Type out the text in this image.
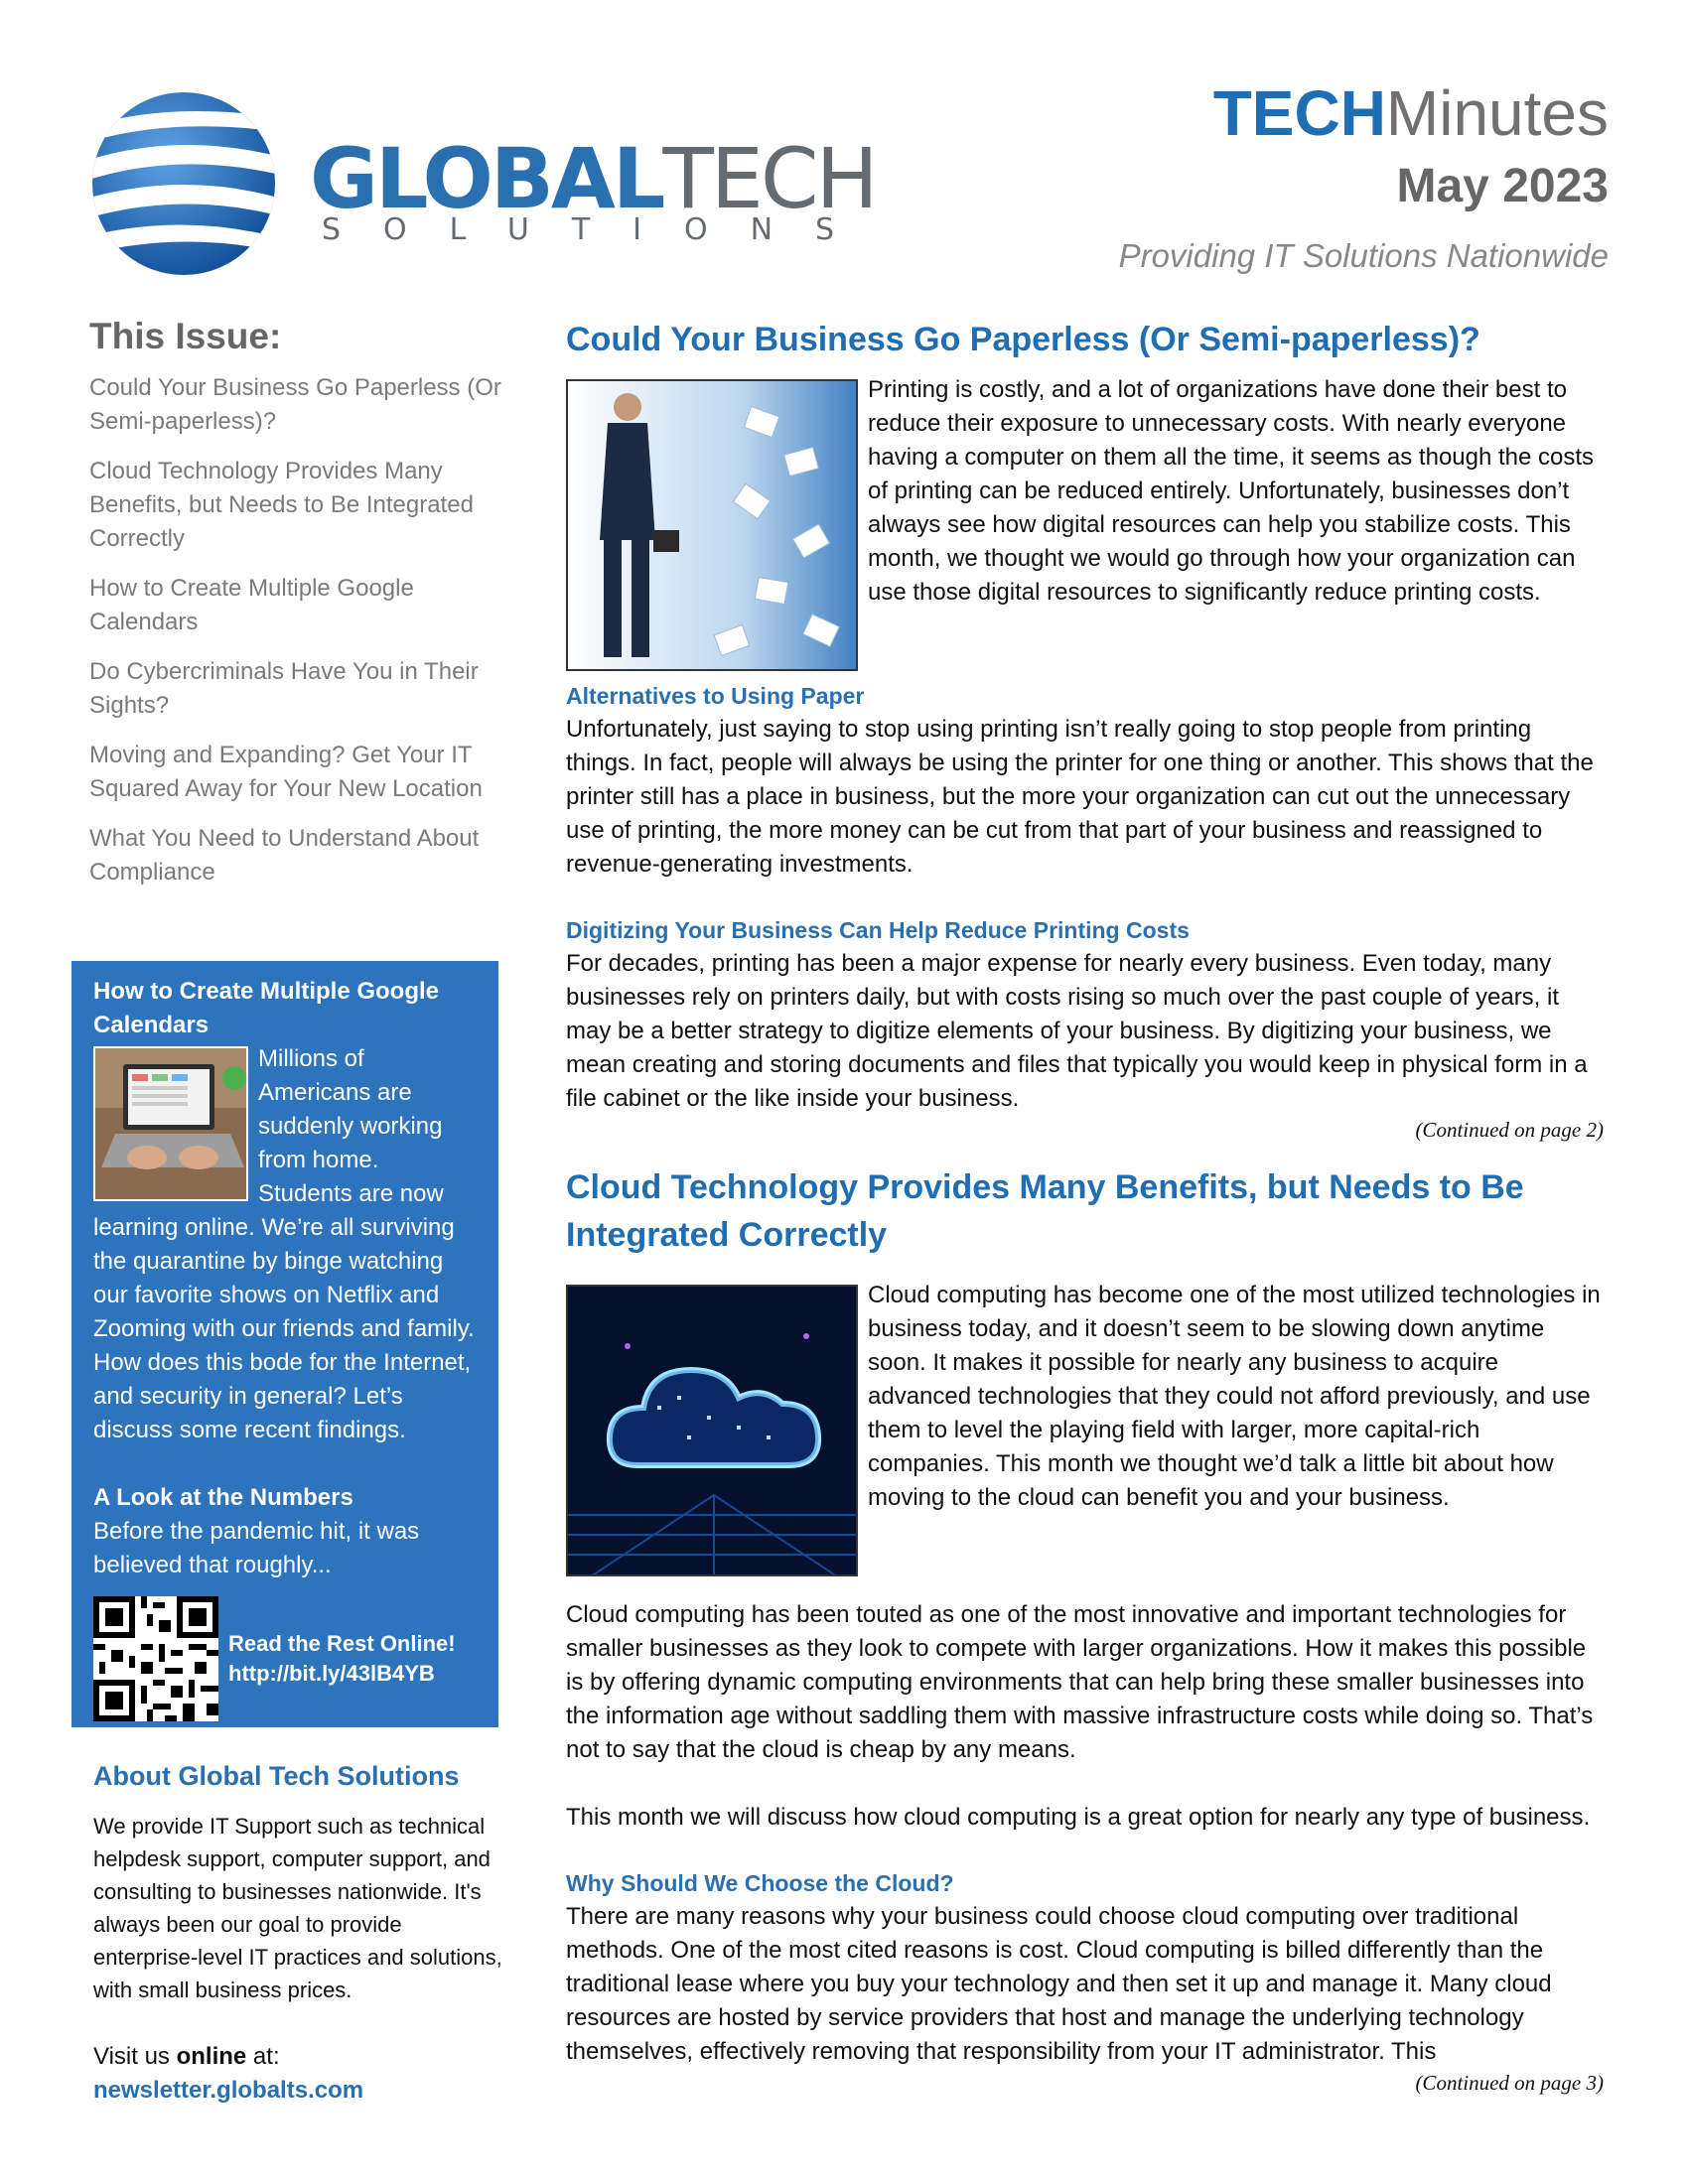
GLOBALTECH
SOLUTIONS
TECHMinutes
May 2023
Providing IT Solutions Nationwide
This Issue:
Could Your Business Go Paperless (Or Semi-paperless)?
Cloud Technology Provides Many Benefits, but Needs to Be Integrated Correctly
How to Create Multiple Google Calendars
Do Cybercriminals Have You in Their Sights?
Moving and Expanding? Get Your IT Squared Away for Your New Location
What You Need to Understand About Compliance
How to Create Multiple Google Calendars
Millions of Americans are suddenly working from home. Students are now learning online. We’re all surviving the quarantine by binge watching our favorite shows on Netflix and Zooming with our friends and family. How does this bode for the Internet, and security in general? Let’s discuss some recent findings.
A Look at the Numbers
Before the pandemic hit, it was believed that roughly...
Read the Rest Online!
http://bit.ly/43lB4YB
About Global Tech Solutions
We provide IT Support such as technical helpdesk support, computer support, and consulting to businesses nationwide. It's always been our goal to provide enterprise-level IT practices and solutions, with small business prices.
Visit us online at:
newsletter.globalts.com
Could Your Business Go Paperless (Or Semi-paperless)?

Printing is costly, and a lot of organizations have done their best to reduce their exposure to unnecessary costs. With nearly everyone having a computer on them all the time, it seems as though the costs of printing can be reduced entirely. Unfortunately, businesses don’t always see how digital resources can help you stabilize costs. This month, we thought we would go through how your organization can use those digital resources to significantly reduce printing costs.

Alternatives to Using Paper

Unfortunately, just saying to stop using printing isn’t really going to stop people from printing things. In fact, people will always be using the printer for one thing or another. This shows that the printer still has a place in business, but the more your organization can cut out the unnecessary use of printing, the more money can be cut from that part of your business and reassigned to revenue-generating investments.

Digitizing Your Business Can Help Reduce Printing Costs

For decades, printing has been a major expense for nearly every business. Even today, many businesses rely on printers daily, but with costs rising so much over the past couple of years, it may be a better strategy to digitize elements of your business. By digitizing your business, we mean creating and storing documents and files that typically you would keep in physical form in a file cabinet or the like inside your business.

(Continued on page 2)
Cloud Technology Provides Many Benefits, but Needs to Be Integrated Correctly

Cloud computing has become one of the most utilized technologies in business today, and it doesn’t seem to be slowing down anytime soon. It makes it possible for nearly any business to acquire advanced technologies that they could not afford previously, and use them to level the playing field with larger, more capital-rich companies. This month we thought we’d talk a little bit about how moving to the cloud can benefit you and your business.

Cloud computing has been touted as one of the most innovative and important technologies for smaller businesses as they look to compete with larger organizations. How it makes this possible is by offering dynamic computing environments that can help bring these smaller businesses into the information age without saddling them with massive infrastructure costs while doing so. That’s not to say that the cloud is cheap by any means.

This month we will discuss how cloud computing is a great option for nearly any type of business.

Why Should We Choose the Cloud?

There are many reasons why your business could choose cloud computing over traditional methods. One of the most cited reasons is cost. Cloud computing is billed differently than the traditional lease where you buy your technology and then set it up and manage it. Many cloud resources are hosted by service providers that host and manage the underlying technology themselves, effectively removing that responsibility from your IT administrator. This

(Continued on page 3)
